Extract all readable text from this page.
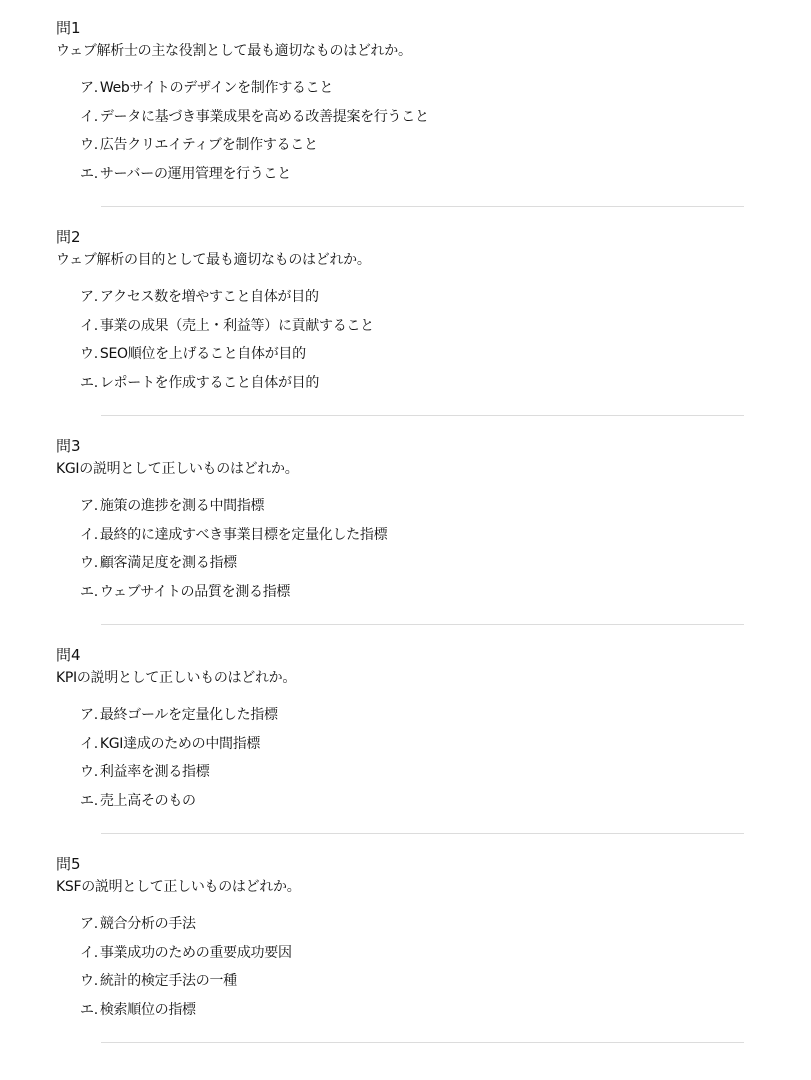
問1
ウェブ解析士の主な役割として最も適切なものはどれか。
ア. Webサイトのデザインを制作すること
イ. データに基づき事業成果を高める改善提案を行うこと
ウ. 広告クリエイティブを制作すること
エ. サーバーの運用管理を行うこと
問2
ウェブ解析の目的として最も適切なものはどれか。
ア. アクセス数を増やすこと自体が目的
イ. 事業の成果（売上・利益等）に貢献すること
ウ. SEO順位を上げること自体が目的
エ. レポートを作成すること自体が目的
問3
KGIの説明として正しいものはどれか。
ア. 施策の進捗を測る中間指標
イ. 最終的に達成すべき事業目標を定量化した指標
ウ. 顧客満足度を測る指標
エ. ウェブサイトの品質を測る指標
問4
KPIの説明として正しいものはどれか。
ア. 最終ゴールを定量化した指標
イ. KGI達成のための中間指標
ウ. 利益率を測る指標
エ. 売上高そのもの
問5
KSFの説明として正しいものはどれか。
ア. 競合分析の手法
イ. 事業成功のための重要成功要因
ウ. 統計的検定手法の一種
エ. 検索順位の指標
